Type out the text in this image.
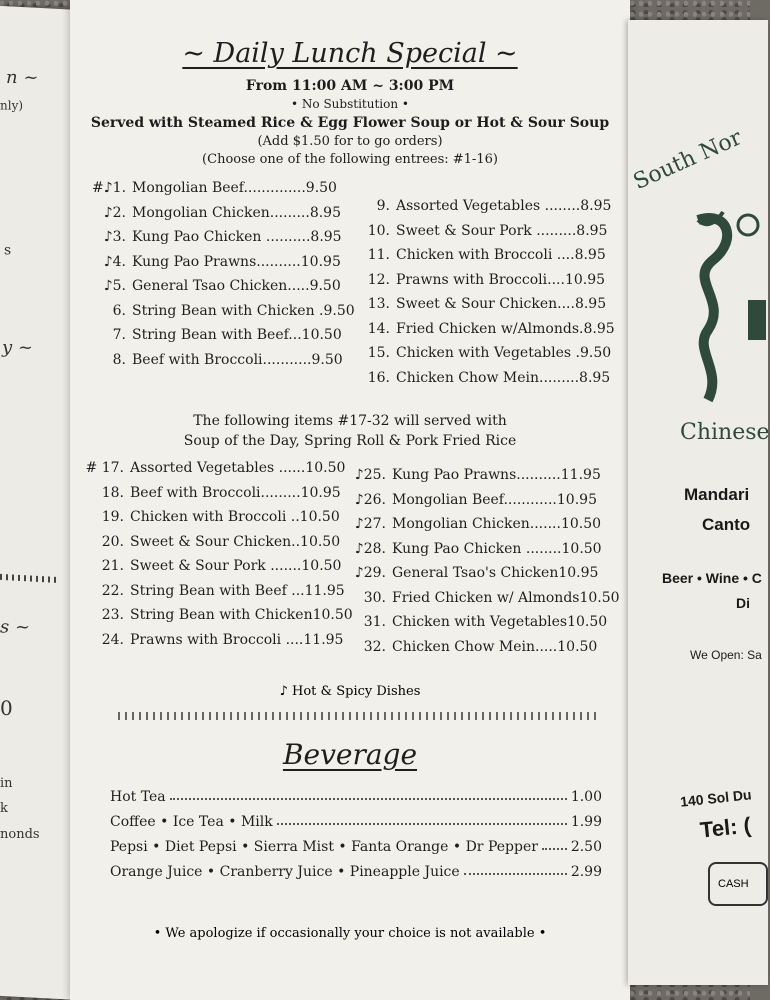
n ~
nly)
s
y ~
s ~
0
in
k
nonds
~ Daily Lunch Special ~
From 11:00 AM ~ 3:00 PM
• No Substitution •
Served with Steamed Rice & Egg Flower Soup or Hot & Sour Soup
(Add $1.50 for to go orders)
(Choose one of the following entrees: #1-16)
#♪1. Mongolian Beef..............9.50
♪2. Mongolian Chicken.........8.95
♪3. Kung Pao Chicken ..........8.95
♪4. Kung Pao Prawns..........10.95
♪5. General Tsao Chicken.....9.50
6. String Bean with Chicken .9.50
7. String Bean with Beef...10.50
8. Beef with Broccoli...........9.50
9. Assorted Vegetables ........8.95
10. Sweet & Sour Pork .........8.95
11. Chicken with Broccoli ....8.95
12. Prawns with Broccoli....10.95
13. Sweet & Sour Chicken....8.95
14. Fried Chicken w/Almonds.8.95
15. Chicken with Vegetables .9.50
16. Chicken Chow Mein.........8.95
The following items #17-32 will served with
Soup of the Day, Spring Roll & Pork Fried Rice
# 17. Assorted Vegetables ......10.50
18. Beef with Broccoli.........10.95
19. Chicken with Broccoli ..10.50
20. Sweet & Sour Chicken..10.50
21. Sweet & Sour Pork .......10.50
22. String Bean with Beef ...11.95
23. String Bean with Chicken10.50
24. Prawns with Broccoli ....11.95
♪25. Kung Pao Prawns..........11.95
♪26. Mongolian Beef............10.95
♪27. Mongolian Chicken.......10.50
♪28. Kung Pao Chicken ........10.50
♪29. General Tsao's Chicken10.95
30. Fried Chicken w/ Almonds10.50
31. Chicken with Vegetables10.50
32. Chicken Chow Mein.....10.50
♪ Hot & Spicy Dishes
Beverage
Hot Tea	1.00
Coffee • Ice Tea • Milk	1.99
Pepsi • Diet Pepsi • Sierra Mist • Fanta Orange • Dr Pepper 2.50
Orange Juice • Cranberry Juice • Pineapple Juice	2.99
• We apologize if occasionally your choice is not available •
South Nor
Chinese
Mandari
Canto
Beer • Wine • C
Di
We Open: Sa
140 Sol Du
Tel: (
CASH
